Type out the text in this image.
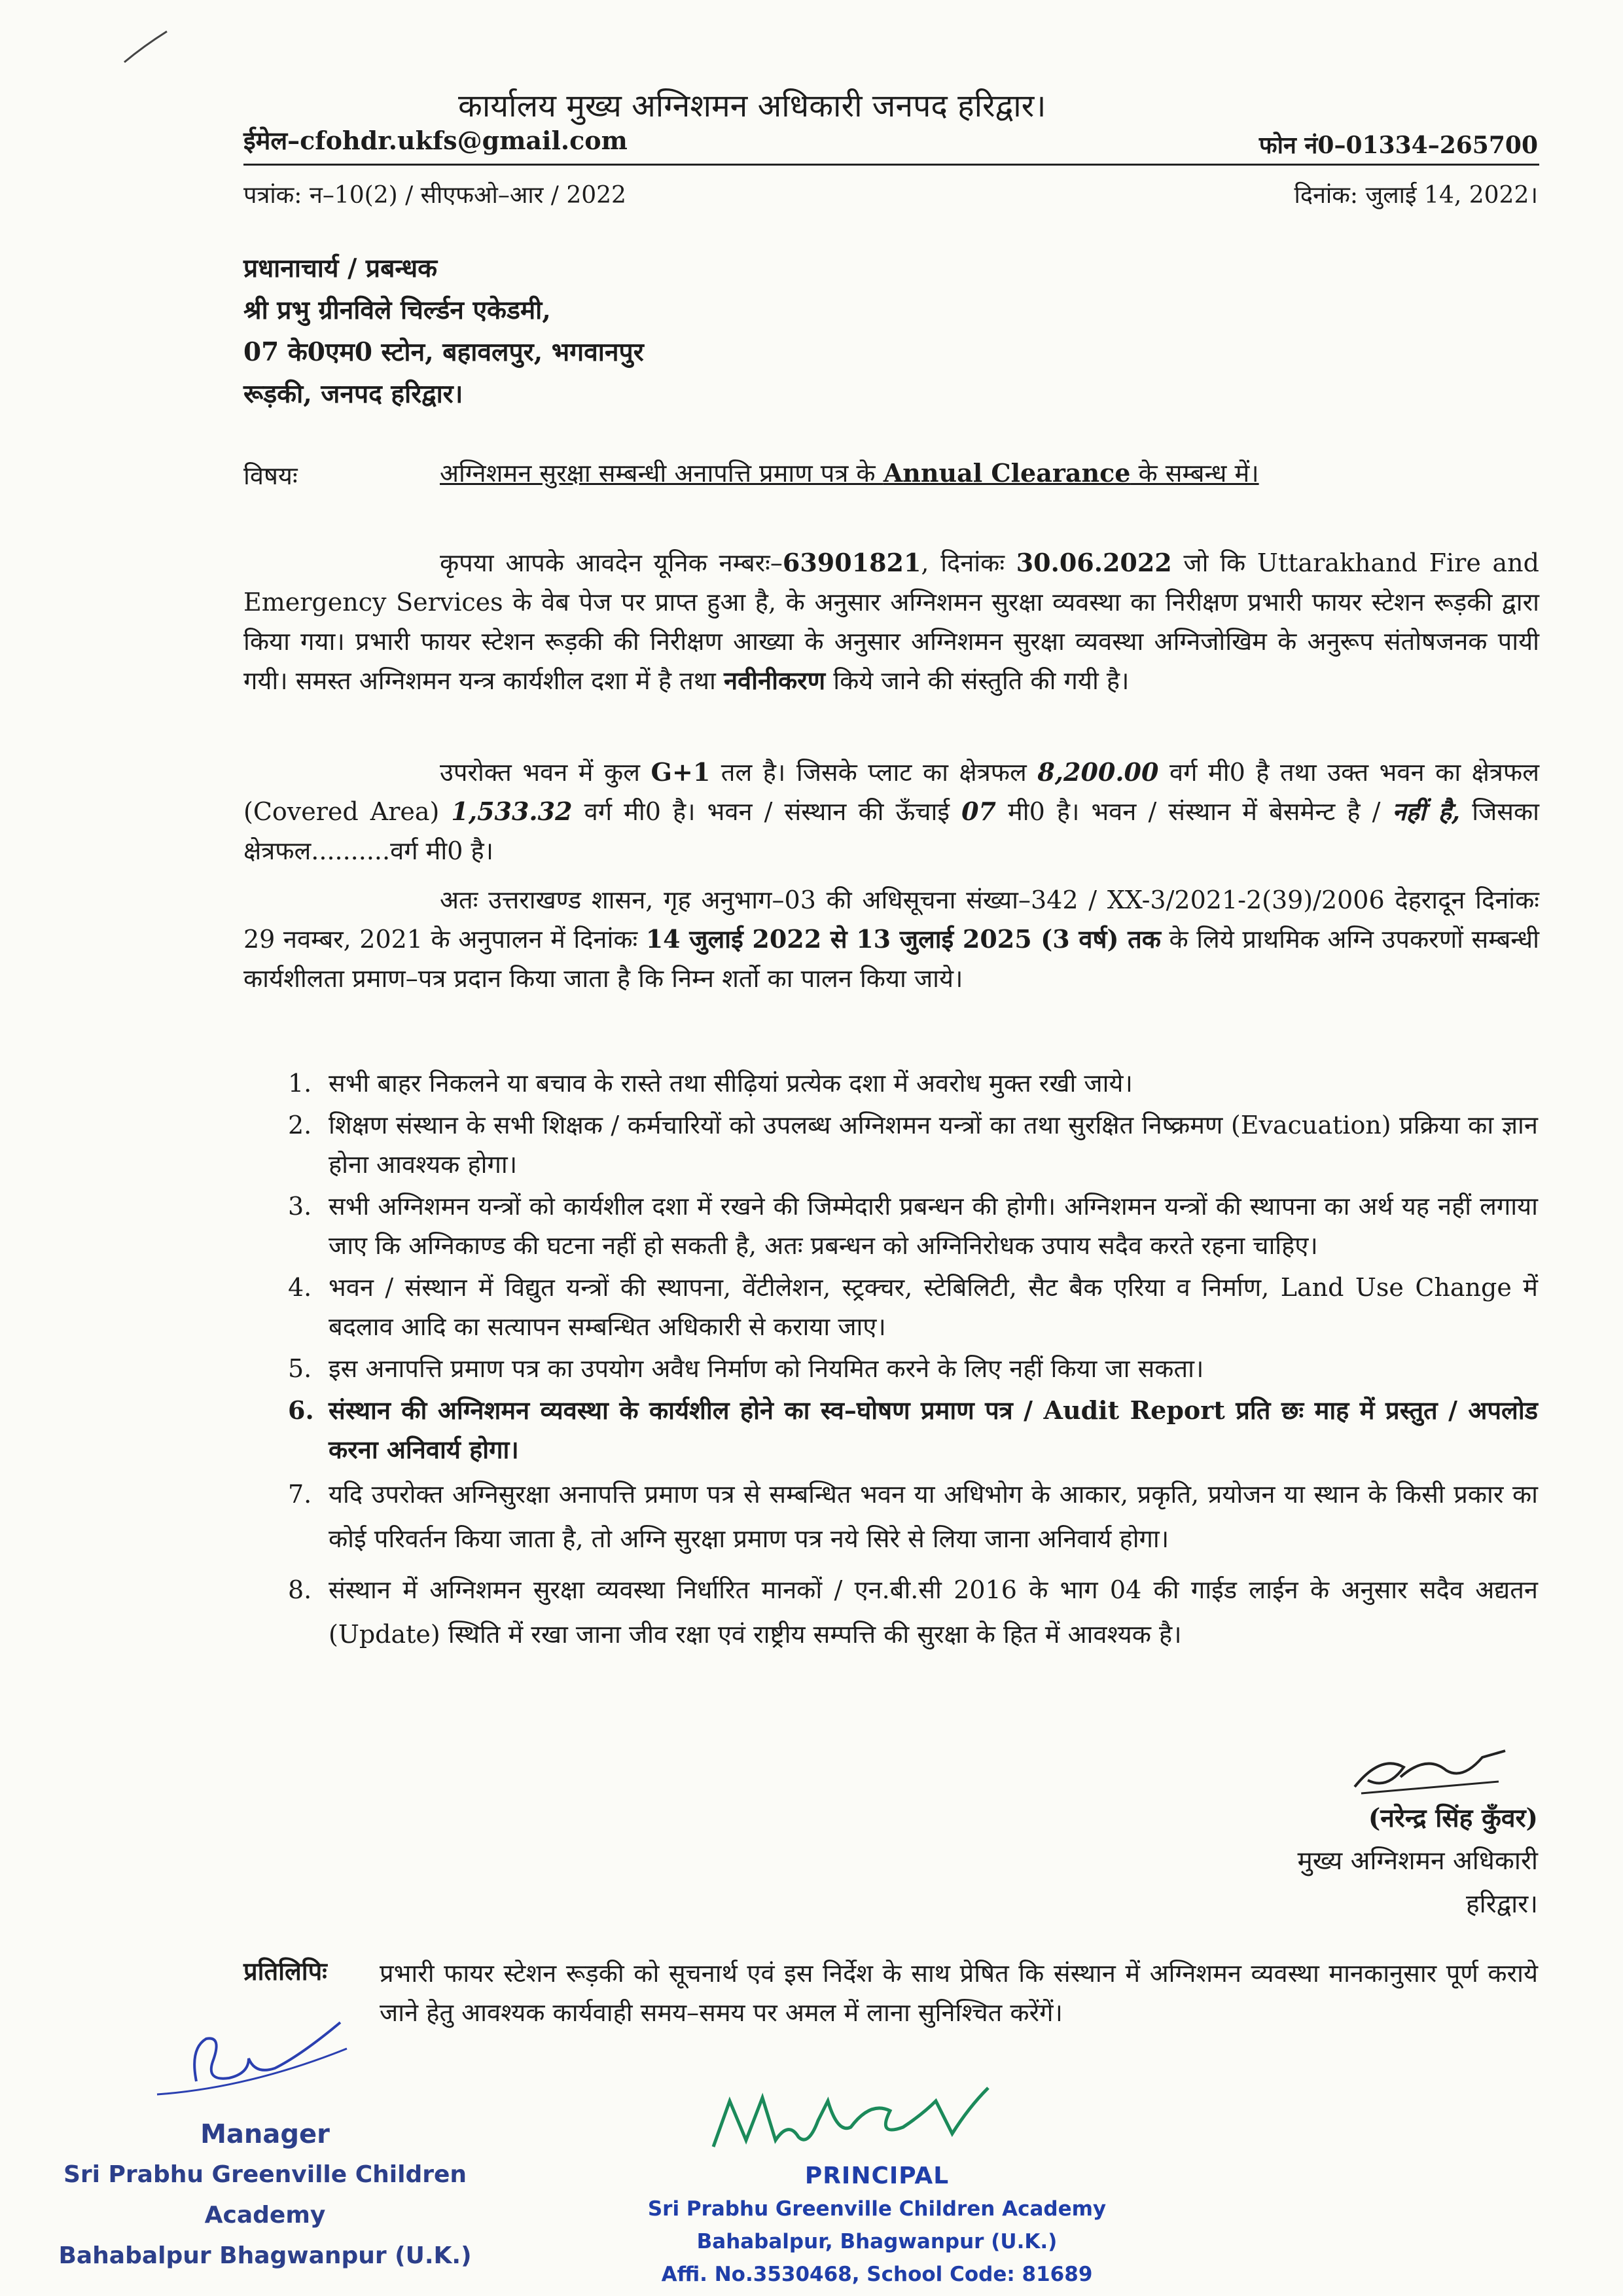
कार्यालय मुख्य अग्निशमन अधिकारी जनपद हरिद्वार।
ईमेल–cfohdr.ukfs@gmail.com	फोन नं0–01334–265700
पत्रांक: न–10(2) / सीएफओ–आर / 2022	दिनांक: जुलाई 14, 2022।
प्रधानाचार्य / प्रबन्धक
श्री प्रभु ग्रीनविले चिर्ल्डन एकेडमी,
07 के0एम0 स्टोन, बहावलपुर, भगवानपुर
रूड़की, जनपद हरिद्वार।
विषयः	अग्निशमन सुरक्षा सम्बन्धी अनापत्ति प्रमाण पत्र के Annual Clearance के सम्बन्ध में।
कृपया आपके आवदेन यूनिक नम्बरः–63901821, दिनांकः 30.06.2022 जो कि Uttarakhand Fire and Emergency Services के वेब पेज पर प्राप्त हुआ है, के अनुसार अग्निशमन सुरक्षा व्यवस्था का निरीक्षण प्रभारी फायर स्टेशन रूड़की द्वारा किया गया। प्रभारी फायर स्टेशन रूड़की की निरीक्षण आख्या के अनुसार अग्निशमन सुरक्षा व्यवस्था अग्निजोखिम के अनुरूप संतोषजनक पायी गयी। समस्त अग्निशमन यन्त्र कार्यशील दशा में है तथा नवीनीकरण किये जाने की संस्तुति की गयी है।
उपरोक्त भवन में कुल G+1 तल है। जिसके प्लाट का क्षेत्रफल 8,200.00 वर्ग मी0 है तथा उक्त भवन का क्षेत्रफल (Covered Area) 1,533.32 वर्ग मी0 है। भवन / संस्थान की ऊँचाई 07 मी0 है। भवन / संस्थान में बेसमेन्ट है / नहीं है, जिसका क्षेत्रफल..........वर्ग मी0 है।
अतः उत्तराखण्ड शासन, गृह अनुभाग–03 की अधिसूचना संख्या–342 / XX-3/2021-2(39)/2006 देहरादून दिनांकः 29 नवम्बर, 2021 के अनुपालन में दिनांकः 14 जुलाई 2022 से 13 जुलाई 2025 (3 वर्ष) तक के लिये प्राथमिक अग्नि उपकरणों सम्बन्धी कार्यशीलता प्रमाण–पत्र प्रदान किया जाता है कि निम्न शर्तो का पालन किया जाये।
1. सभी बाहर निकलने या बचाव के रास्ते तथा सीढ़ियां प्रत्येक दशा में अवरोध मुक्त रखी जाये।
2. शिक्षण संस्थान के सभी शिक्षक / कर्मचारियों को उपलब्ध अग्निशमन यन्त्रों का तथा सुरक्षित निष्क्रमण (Evacuation) प्रक्रिया का ज्ञान होना आवश्यक होगा।
3. सभी अग्निशमन यन्त्रों को कार्यशील दशा में रखने की जिम्मेदारी प्रबन्धन की होगी। अग्निशमन यन्त्रों की स्थापना का अर्थ यह नहीं लगाया जाए कि अग्निकाण्ड की घटना नहीं हो सकती है, अतः प्रबन्धन को अग्निनिरोधक उपाय सदैव करते रहना चाहिए।
4. भवन / संस्थान में विद्युत यन्त्रों की स्थापना, वेंटीलेशन, स्ट्रक्चर, स्टेबिलिटी, सैट बैक एरिया व निर्माण, Land Use Change में बदलाव आदि का सत्यापन सम्बन्धित अधिकारी से कराया जाए।
5. इस अनापत्ति प्रमाण पत्र का उपयोग अवैध निर्माण को नियमित करने के लिए नहीं किया जा सकता।
6. संस्थान की अग्निशमन व्यवस्था के कार्यशील होने का स्व–घोषण प्रमाण पत्र / Audit Report प्रति छः माह में प्रस्तुत / अपलोड करना अनिवार्य होगा।
7. यदि उपरोक्त अग्निसुरक्षा अनापत्ति प्रमाण पत्र से सम्बन्धित भवन या अधिभोग के आकार, प्रकृति, प्रयोजन या स्थान के किसी प्रकार का कोई परिवर्तन किया जाता है, तो अग्नि सुरक्षा प्रमाण पत्र नये सिरे से लिया जाना अनिवार्य होगा।
8. संस्थान में अग्निशमन सुरक्षा व्यवस्था निर्धारित मानकों / एन.बी.सी 2016 के भाग 04 की गाईड लाईन के अनुसार सदैव अद्यतन (Update) स्थिति में रखा जाना जीव रक्षा एवं राष्ट्रीय सम्पत्ति की सुरक्षा के हित में आवश्यक है।
(नरेन्द्र सिंह कुँवर)
मुख्य अग्निशमन अधिकारी
हरिद्वार।
प्रतिलिपिः प्रभारी फायर स्टेशन रूड़की को सूचनार्थ एवं इस निर्देश के साथ प्रेषित कि संस्थान में अग्निशमन व्यवस्था मानकानुसार पूर्ण कराये जाने हेतु आवश्यक कार्यवाही समय–समय पर अमल में लाना सुनिश्चित करेंगें।
Manager
Sri Prabhu Greenville Children Academy
Bahabalpur Bhagwanpur (U.K.)
PRINCIPAL
Sri Prabhu Greenville Children Academy
Bahabalpur, Bhagwanpur (U.K.)
Affi. No.3530468, School Code: 81689
